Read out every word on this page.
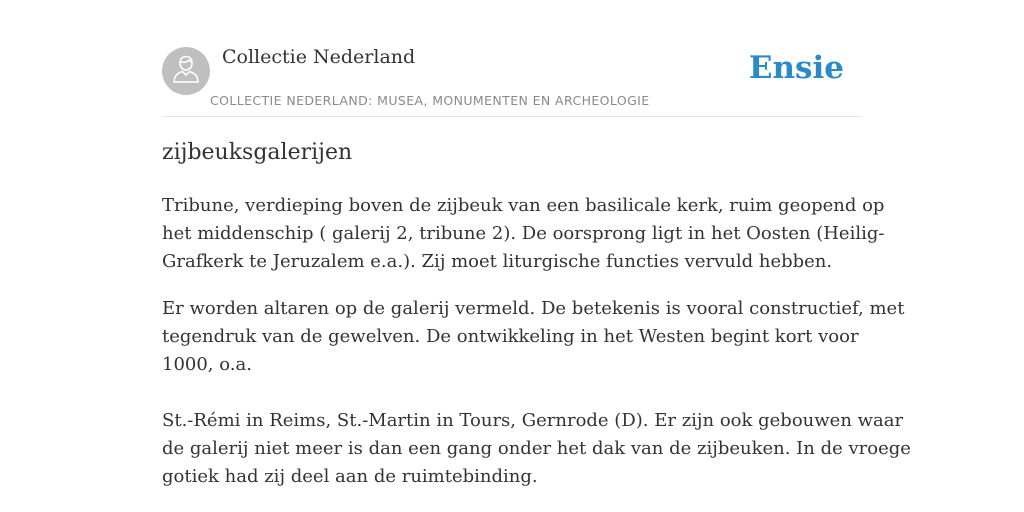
Collectie Nederland
COLLECTIE NEDERLAND: MUSEA, MONUMENTEN EN ARCHEOLOGIE
Ensie
zijbeuksgalerijen

Tribune, verdieping boven de zijbeuk van een basilicale kerk, ruim geopend op
het middenschip ( galerij 2, tribune 2). De oorsprong ligt in het Oosten (Heilig-
Grafkerk te Jeruzalem e.a.). Zij moet liturgische functies vervuld hebben.

Er worden altaren op de galerij vermeld. De betekenis is vooral constructief, met
tegendruk van de gewelven. De ontwikkeling in het Westen begint kort voor
1000, o.a.

St.-Rémi in Reims, St.-Martin in Tours, Gernrode (D). Er zijn ook gebouwen waar
de galerij niet meer is dan een gang onder het dak van de zijbeuken. In de vroege
gotiek had zij deel aan de ruimtebinding.
